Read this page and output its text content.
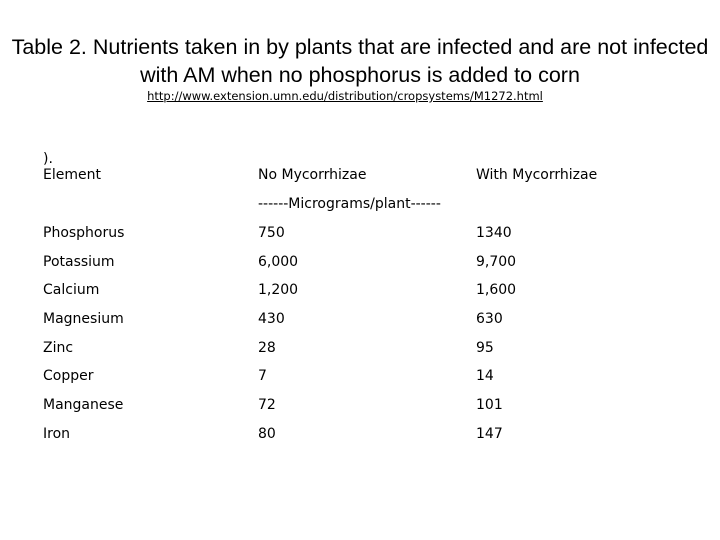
Table 2. Nutrients taken in by plants that are infected and are not infected with AM when no phosphorus is added to corn
http://www.extension.umn.edu/distribution/cropsystems/M1272.html
).
Element	No Mycorrhizae	With Mycorrhizae
------Micrograms/plant------
Phosphorus	750	1340
Potassium	6,000	9,700
Calcium	1,200	1,600
Magnesium	430	630
Zinc	28	95
Copper	7	14
Manganese	72	101
Iron	80	147
